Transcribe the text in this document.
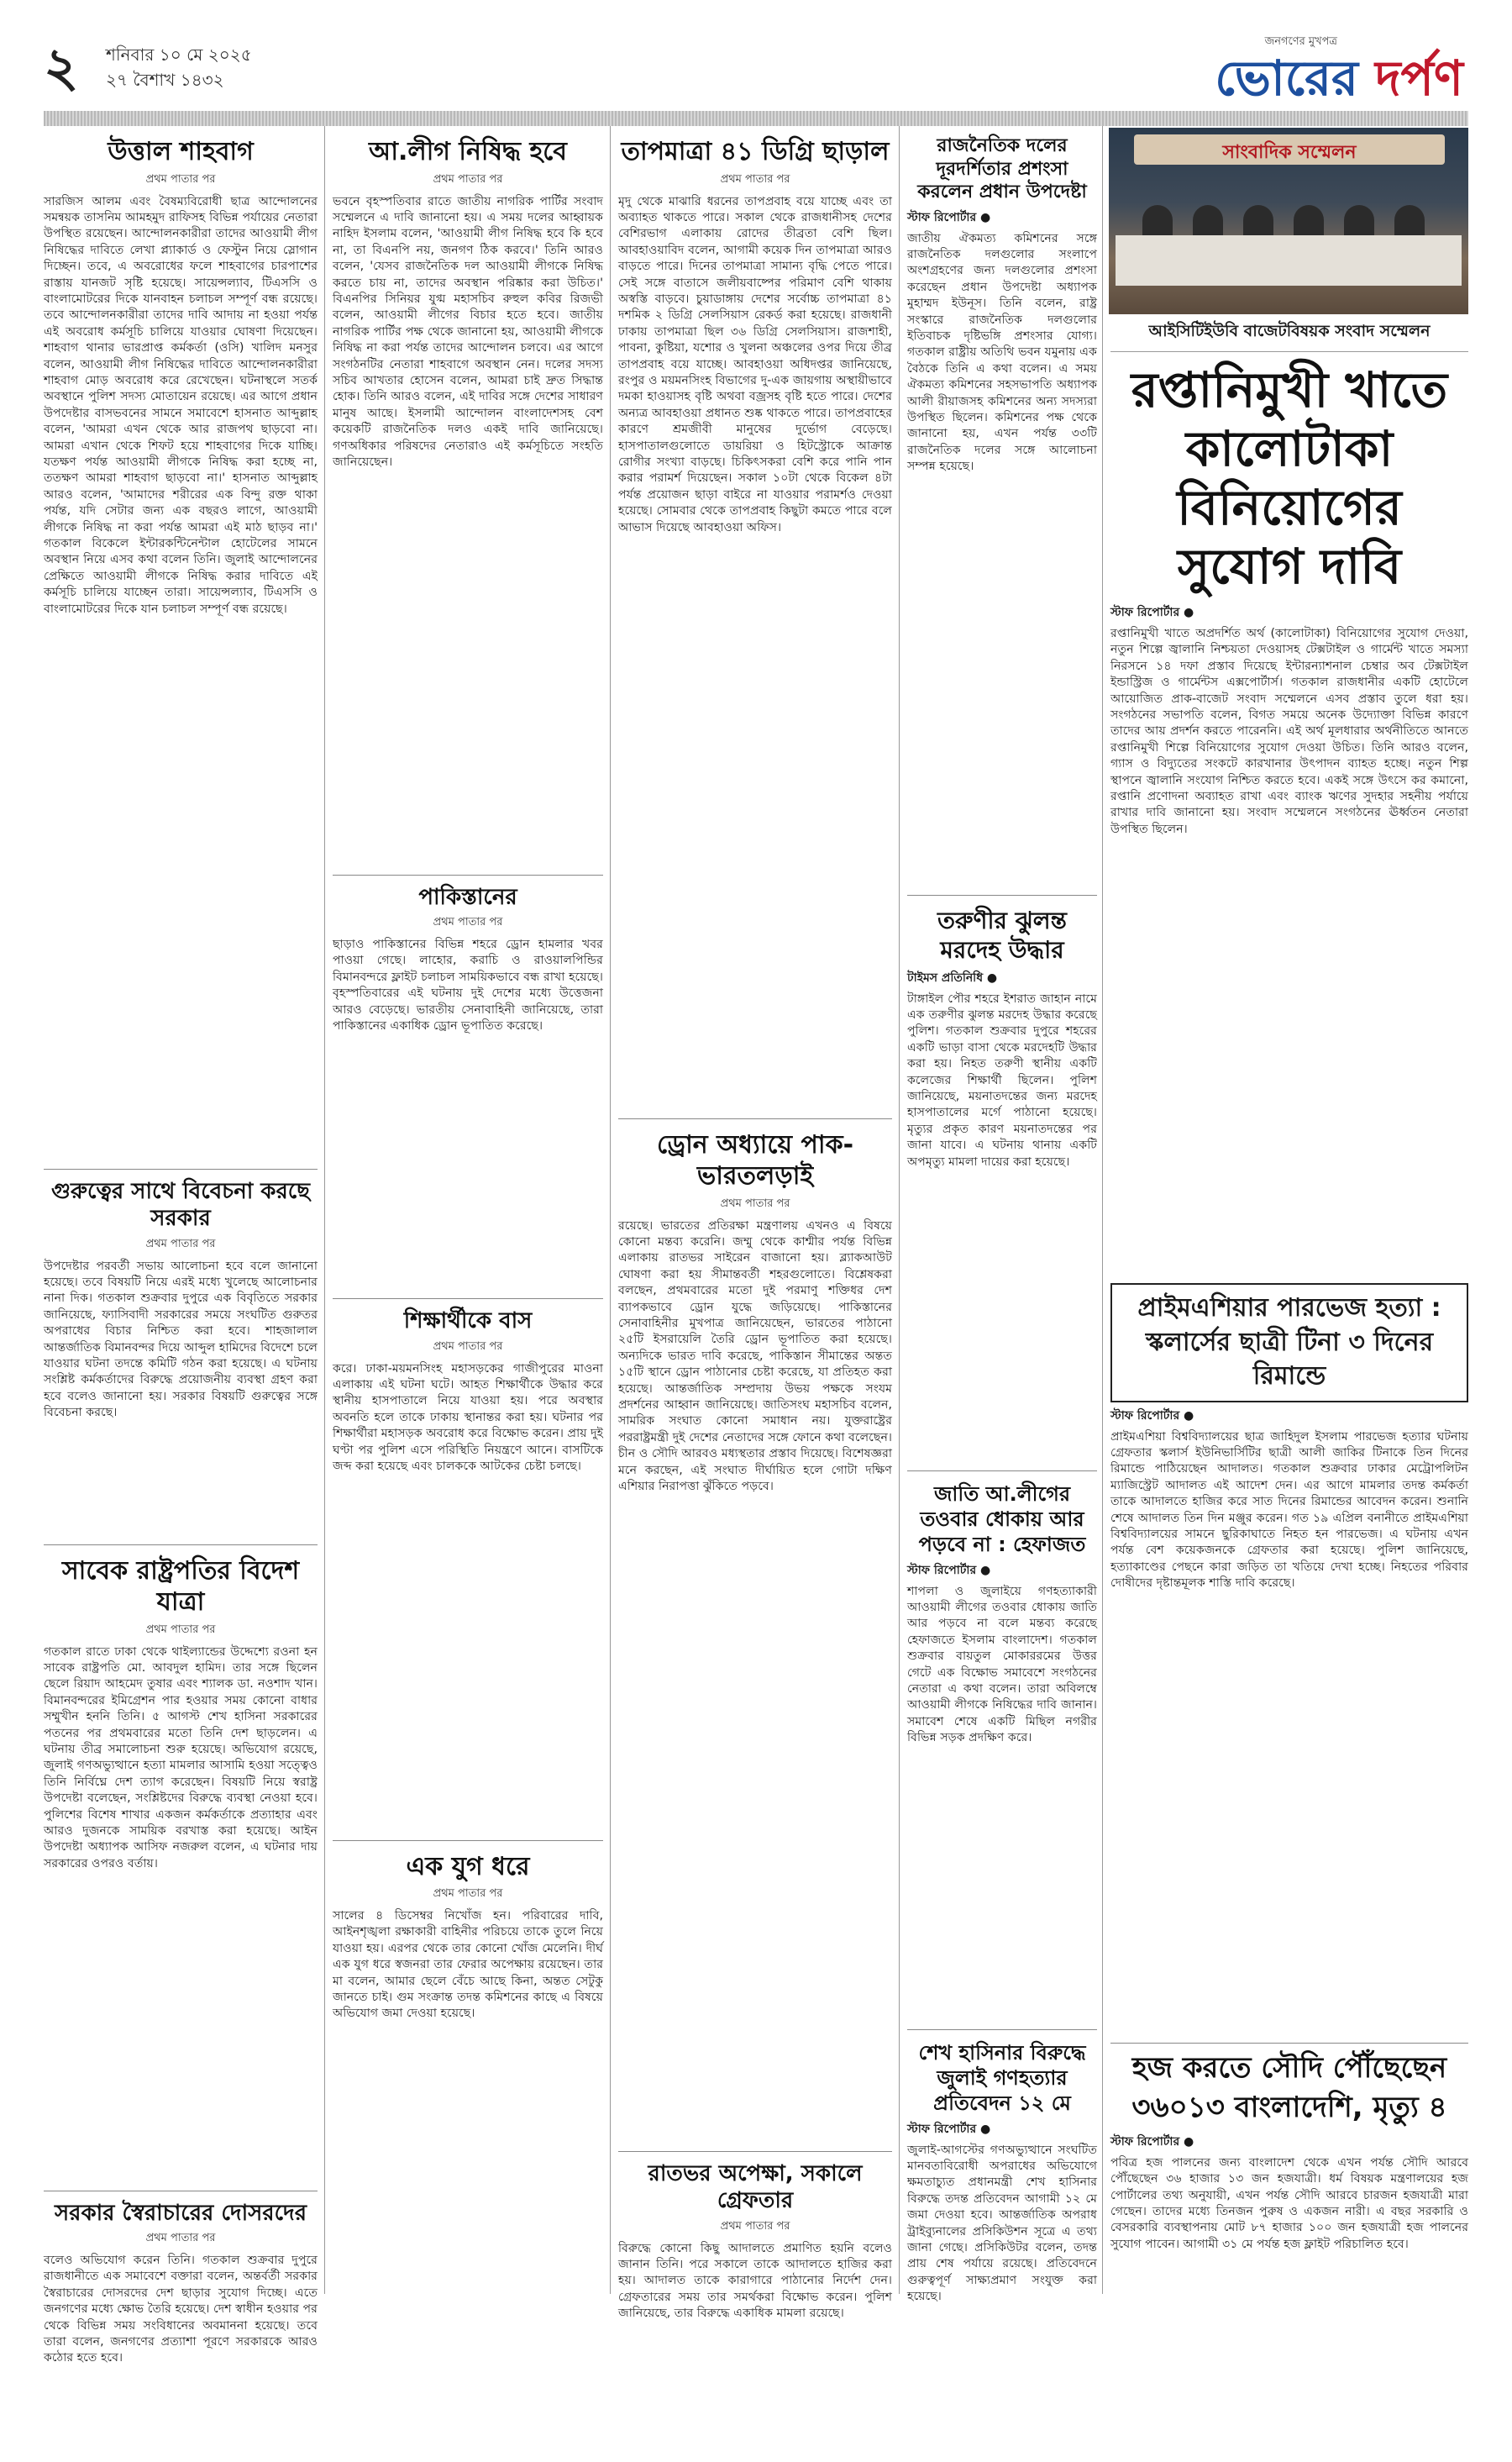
২ শনিবার ১০ মে ২০২৫
২৭ বৈশাখ ১৪৩২
জনগণের মুখপত্র
ভোরের দর্পণ
উত্তাল শাহবাগ
প্রথম পাতার পর
সারজিস আলম এবং বৈষম্যবিরোধী ছাত্র আন্দোলনের সমন্বয়ক তাসনিম আমহমুদ রাফিসহ বিভিন্ন পর্যায়ের নেতারা উপস্থিত রয়েছেন। আন্দোলনকারীরা তাদের আওয়ামী লীগ নিষিদ্ধের দাবিতে লেখা প্ল্যাকার্ড ও ফেস্টুন নিয়ে স্লোগান দিচ্ছেন। তবে, এ অবরোধের ফলে শাহবাগের চারপাশের রাস্তায় যানজট সৃষ্টি হয়েছে। সায়েন্সল্যাব, টিএসসি ও বাংলামোটরের দিকে যানবাহন চলাচল সম্পূর্ণ বন্ধ রয়েছে। তবে আন্দোলনকারীরা তাদের দাবি আদায় না হওয়া পর্যন্ত এই অবরোধ কর্মসূচি চালিয়ে যাওয়ার ঘোষণা দিয়েছেন। শাহবাগ থানার ভারপ্রাপ্ত কর্মকর্তা (ওসি) খালিদ মনসুর বলেন, আওয়ামী লীগ নিষিদ্ধের দাবিতে আন্দোলনকারীরা শাহবাগ মোড় অবরোধ করে রেখেছেন। ঘটনাস্থলে সতর্ক অবস্থানে পুলিশ সদস্য মোতায়েন রয়েছে। এর আগে প্রধান উপদেষ্টার বাসভবনের সামনে সমাবেশে হাসনাত আব্দুল্লাহ বলেন, 'আমরা এখন থেকে আর রাজপথ ছাড়বো না। আমরা এখান থেকে শিফট হয়ে শাহবাগের দিকে যাচ্ছি। যতক্ষণ পর্যন্ত আওয়ামী লীগকে নিষিদ্ধ করা হচ্ছে না, ততক্ষণ আমরা শাহবাগ ছাড়বো না।' হাসনাত আব্দুল্লাহ আরও বলেন, 'আমাদের শরীরের এক বিন্দু রক্ত থাকা পর্যন্ত, যদি সেটার জন্য এক বছরও লাগে, আওয়ামী লীগকে নিষিদ্ধ না করা পর্যন্ত আমরা এই মাঠ ছাড়ব না।' গতকাল বিকেলে ইন্টারকন্টিনেন্টাল হোটেলের সামনে অবস্থান নিয়ে এসব কথা বলেন তিনি। জুলাই আন্দোলনের প্রেক্ষিতে আওয়ামী লীগকে নিষিদ্ধ করার দাবিতে এই কর্মসূচি চালিয়ে যাচ্ছেন তারা। সায়েন্সল্যাব, টিএসসি ও বাংলামোটরের দিকে যান চলাচল সম্পূর্ণ বন্ধ রয়েছে।
গুরুত্বের সাথে বিবেচনা করছে সরকার
প্রথম পাতার পর
উপদেষ্টার পরবর্তী সভায় আলোচনা হবে বলে জানানো হয়েছে। তবে বিষয়টি নিয়ে এরই মধ্যে খুলেছে আলোচনার নানা দিক। গতকাল শুক্রবার দুপুরে এক বিবৃতিতে সরকার জানিয়েছে, ফ্যাসিবাদী সরকারের সময়ে সংঘটিত গুরুতর অপরাধের বিচার নিশ্চিত করা হবে। শাহজালাল আন্তর্জাতিক বিমানবন্দর দিয়ে আব্দুল হামিদের বিদেশে চলে যাওয়ার ঘটনা তদন্তে কমিটি গঠন করা হয়েছে। এ ঘটনায় সংশ্লিষ্ট কর্মকর্তাদের বিরুদ্ধে প্রয়োজনীয় ব্যবস্থা গ্রহণ করা হবে বলেও জানানো হয়। সরকার বিষয়টি গুরুত্বের সঙ্গে বিবেচনা করছে।
সাবেক রাষ্ট্রপতির বিদেশ যাত্রা
প্রথম পাতার পর
গতকাল রাতে ঢাকা থেকে থাইল্যান্ডের উদ্দেশ্যে রওনা হন সাবেক রাষ্ট্রপতি মো. আবদুল হামিদ। তার সঙ্গে ছিলেন ছেলে রিয়াদ আহমেদ তুষার এবং শ্যালক ডা. নওশাদ খান। বিমানবন্দরের ইমিগ্রেশন পার হওয়ার সময় কোনো বাধার সম্মুখীন হননি তিনি। ৫ আগস্ট শেখ হাসিনা সরকারের পতনের পর প্রথমবারের মতো তিনি দেশ ছাড়লেন। এ ঘটনায় তীব্র সমালোচনা শুরু হয়েছে। অভিযোগ রয়েছে, জুলাই গণঅভ্যুত্থানে হত্যা মামলার আসামি হওয়া সত্ত্বেও তিনি নির্বিঘ্নে দেশ ত্যাগ করেছেন। বিষয়টি নিয়ে স্বরাষ্ট্র উপদেষ্টা বলেছেন, সংশ্লিষ্টদের বিরুদ্ধে ব্যবস্থা নেওয়া হবে। পুলিশের বিশেষ শাখার একজন কর্মকর্তাকে প্রত্যাহার এবং আরও দুজনকে সাময়িক বরখাস্ত করা হয়েছে। আইন উপদেষ্টা অধ্যাপক আসিফ নজরুল বলেন, এ ঘটনার দায় সরকারের ওপরও বর্তায়।
সরকার স্বৈরাচারের দোসরদের
প্রথম পাতার পর
বলেও অভিযোগ করেন তিনি। গতকাল শুক্রবার দুপুরে রাজধানীতে এক সমাবেশে বক্তারা বলেন, অন্তর্বর্তী সরকার স্বৈরাচারের দোসরদের দেশ ছাড়ার সুযোগ দিচ্ছে। এতে জনগণের মধ্যে ক্ষোভ তৈরি হয়েছে। দেশ স্বাধীন হওয়ার পর থেকে বিভিন্ন সময় সংবিধানের অবমাননা হয়েছে। তবে তারা বলেন, জনগণের প্রত্যাশা পূরণে সরকারকে আরও কঠোর হতে হবে।
আ.লীগ নিষিদ্ধ হবে
প্রথম পাতার পর
ভবনে বৃহস্পতিবার রাতে জাতীয় নাগরিক পার্টির সংবাদ সম্মেলনে এ দাবি জানানো হয়। এ সময় দলের আহ্বায়ক নাহিদ ইসলাম বলেন, 'আওয়ামী লীগ নিষিদ্ধ হবে কি হবে না, তা বিএনপি নয়, জনগণ ঠিক করবে।' তিনি আরও বলেন, 'যেসব রাজনৈতিক দল আওয়ামী লীগকে নিষিদ্ধ করতে চায় না, তাদের অবস্থান পরিষ্কার করা উচিত।' বিএনপির সিনিয়র যুগ্ম মহাসচিব রুহুল কবির রিজভী বলেন, আওয়ামী লীগের বিচার হতে হবে। জাতীয় নাগরিক পার্টির পক্ষ থেকে জানানো হয়, আওয়ামী লীগকে নিষিদ্ধ না করা পর্যন্ত তাদের আন্দোলন চলবে। এর আগে সংগঠনটির নেতারা শাহবাগে অবস্থান নেন। দলের সদস্য সচিব আখতার হোসেন বলেন, আমরা চাই দ্রুত সিদ্ধান্ত হোক। তিনি আরও বলেন, এই দাবির সঙ্গে দেশের সাধারণ মানুষ আছে। ইসলামী আন্দোলন বাংলাদেশসহ বেশ কয়েকটি রাজনৈতিক দলও একই দাবি জানিয়েছে। গণঅধিকার পরিষদের নেতারাও এই কর্মসূচিতে সংহতি জানিয়েছেন।
পাকিস্তানের
প্রথম পাতার পর
ছাড়াও পাকিস্তানের বিভিন্ন শহরে ড্রোন হামলার খবর পাওয়া গেছে। লাহোর, করাচি ও রাওয়ালপিন্ডির বিমানবন্দরে ফ্লাইট চলাচল সাময়িকভাবে বন্ধ রাখা হয়েছে। বৃহস্পতিবারের এই ঘটনায় দুই দেশের মধ্যে উত্তেজনা আরও বেড়েছে। ভারতীয় সেনাবাহিনী জানিয়েছে, তারা পাকিস্তানের একাধিক ড্রোন ভূপাতিত করেছে।
শিক্ষার্থীকে বাস
প্রথম পাতার পর
করে। ঢাকা-ময়মনসিংহ মহাসড়কের গাজীপুরের মাওনা এলাকায় এই ঘটনা ঘটে। আহত শিক্ষার্থীকে উদ্ধার করে স্থানীয় হাসপাতালে নিয়ে যাওয়া হয়। পরে অবস্থার অবনতি হলে তাকে ঢাকায় স্থানান্তর করা হয়। ঘটনার পর শিক্ষার্থীরা মহাসড়ক অবরোধ করে বিক্ষোভ করেন। প্রায় দুই ঘণ্টা পর পুলিশ এসে পরিস্থিতি নিয়ন্ত্রণে আনে। বাসটিকে জব্দ করা হয়েছে এবং চালককে আটকের চেষ্টা চলছে।
এক যুগ ধরে
প্রথম পাতার পর
সালের ৪ ডিসেম্বর নিখোঁজ হন। পরিবারের দাবি, আইনশৃঙ্খলা রক্ষাকারী বাহিনীর পরিচয়ে তাকে তুলে নিয়ে যাওয়া হয়। এরপর থেকে তার কোনো খোঁজ মেলেনি। দীর্ঘ এক যুগ ধরে স্বজনরা তার ফেরার অপেক্ষায় রয়েছেন। তার মা বলেন, আমার ছেলে বেঁচে আছে কিনা, অন্তত সেটুকু জানতে চাই। গুম সংক্রান্ত তদন্ত কমিশনের কাছে এ বিষয়ে অভিযোগ জমা দেওয়া হয়েছে।
তাপমাত্রা ৪১ ডিগ্রি ছাড়াল
প্রথম পাতার পর
মৃদু থেকে মাঝারি ধরনের তাপপ্রবাহ বয়ে যাচ্ছে এবং তা অব্যাহত থাকতে পারে। সকাল থেকে রাজধানীসহ দেশের বেশিরভাগ এলাকায় রোদের তীব্রতা বেশি ছিল। আবহাওয়াবিদ বলেন, আগামী কয়েক দিন তাপমাত্রা আরও বাড়তে পারে। দিনের তাপমাত্রা সামান্য বৃদ্ধি পেতে পারে। সেই সঙ্গে বাতাসে জলীয়বাষ্পের পরিমাণ বেশি থাকায় অস্বস্তি বাড়বে। চুয়াডাঙ্গায় দেশের সর্বোচ্চ তাপমাত্রা ৪১ দশমিক ২ ডিগ্রি সেলসিয়াস রেকর্ড করা হয়েছে। রাজধানী ঢাকায় তাপমাত্রা ছিল ৩৬ ডিগ্রি সেলসিয়াস। রাজশাহী, পাবনা, কুষ্টিয়া, যশোর ও খুলনা অঞ্চলের ওপর দিয়ে তীব্র তাপপ্রবাহ বয়ে যাচ্ছে। আবহাওয়া অধিদপ্তর জানিয়েছে, রংপুর ও ময়মনসিংহ বিভাগের দু-এক জায়গায় অস্থায়ীভাবে দমকা হাওয়াসহ বৃষ্টি অথবা বজ্রসহ বৃষ্টি হতে পারে। দেশের অন্যত্র আবহাওয়া প্রধানত শুষ্ক থাকতে পারে। তাপপ্রবাহের কারণে শ্রমজীবী মানুষের দুর্ভোগ বেড়েছে। হাসপাতালগুলোতে ডায়রিয়া ও হিটস্ট্রোকে আক্রান্ত রোগীর সংখ্যা বাড়ছে। চিকিৎসকরা বেশি করে পানি পান করার পরামর্শ দিয়েছেন। সকাল ১০টা থেকে বিকেল ৪টা পর্যন্ত প্রয়োজন ছাড়া বাইরে না যাওয়ার পরামর্শও দেওয়া হয়েছে। সোমবার থেকে তাপপ্রবাহ কিছুটা কমতে পারে বলে আভাস দিয়েছে আবহাওয়া অফিস।
ড্রোন অধ্যায়ে পাক-ভারতলড়াই
প্রথম পাতার পর
রয়েছে। ভারতের প্রতিরক্ষা মন্ত্রণালয় এখনও এ বিষয়ে কোনো মন্তব্য করেনি। জম্মু থেকে কাশ্মীর পর্যন্ত বিভিন্ন এলাকায় রাতভর সাইরেন বাজানো হয়। ব্ল্যাকআউট ঘোষণা করা হয় সীমান্তবর্তী শহরগুলোতে। বিশ্লেষকরা বলছেন, প্রথমবারের মতো দুই পরমাণু শক্তিধর দেশ ব্যাপকভাবে ড্রোন যুদ্ধে জড়িয়েছে। পাকিস্তানের সেনাবাহিনীর মুখপাত্র জানিয়েছেন, ভারতের পাঠানো ২৫টি ইসরায়েলি তৈরি ড্রোন ভূপাতিত করা হয়েছে। অন্যদিকে ভারত দাবি করেছে, পাকিস্তান সীমান্তের অন্তত ১৫টি স্থানে ড্রোন পাঠানোর চেষ্টা করেছে, যা প্রতিহত করা হয়েছে। আন্তর্জাতিক সম্প্রদায় উভয় পক্ষকে সংযম প্রদর্শনের আহ্বান জানিয়েছে। জাতিসংঘ মহাসচিব বলেন, সামরিক সংঘাত কোনো সমাধান নয়। যুক্তরাষ্ট্রের পররাষ্ট্রমন্ত্রী দুই দেশের নেতাদের সঙ্গে ফোনে কথা বলেছেন। চীন ও সৌদি আরবও মধ্যস্থতার প্রস্তাব দিয়েছে। বিশেষজ্ঞরা মনে করছেন, এই সংঘাত দীর্ঘায়িত হলে গোটা দক্ষিণ এশিয়ার নিরাপত্তা ঝুঁকিতে পড়বে।
রাতভর অপেক্ষা, সকালে গ্রেফতার
প্রথম পাতার পর
বিরুদ্ধে কোনো কিছু আদালতে প্রমাণিত হয়নি বলেও জানান তিনি। পরে সকালে তাকে আদালতে হাজির করা হয়। আদালত তাকে কারাগারে পাঠানোর নির্দেশ দেন। গ্রেফতারের সময় তার সমর্থকরা বিক্ষোভ করেন। পুলিশ জানিয়েছে, তার বিরুদ্ধে একাধিক মামলা রয়েছে।
রাজনৈতিক দলের দূরদর্শিতার প্রশংসা করলেন প্রধান উপদেষ্টা
স্টাফ রিপোর্টার ●
জাতীয় ঐকমত্য কমিশনের সঙ্গে রাজনৈতিক দলগুলোর সংলাপে অংশগ্রহণের জন্য দলগুলোর প্রশংসা করেছেন প্রধান উপদেষ্টা অধ্যাপক মুহাম্মদ ইউনূস। তিনি বলেন, রাষ্ট্র সংস্কারে রাজনৈতিক দলগুলোর ইতিবাচক দৃষ্টিভঙ্গি প্রশংসার যোগ্য। গতকাল রাষ্ট্রীয় অতিথি ভবন যমুনায় এক বৈঠকে তিনি এ কথা বলেন। এ সময় ঐকমত্য কমিশনের সহসভাপতি অধ্যাপক আলী রীয়াজসহ কমিশনের অন্য সদস্যরা উপস্থিত ছিলেন। কমিশনের পক্ষ থেকে জানানো হয়, এখন পর্যন্ত ৩৩টি রাজনৈতিক দলের সঙ্গে আলোচনা সম্পন্ন হয়েছে।
তরুণীর ঝুলন্ত মরদেহ উদ্ধার
টাইমস প্রতিনিধি ●
টাঙ্গাইল পৌর শহরে ইশরাত জাহান নামে এক তরুণীর ঝুলন্ত মরদেহ উদ্ধার করেছে পুলিশ। গতকাল শুক্রবার দুপুরে শহরের একটি ভাড়া বাসা থেকে মরদেহটি উদ্ধার করা হয়। নিহত তরুণী স্থানীয় একটি কলেজের শিক্ষার্থী ছিলেন। পুলিশ জানিয়েছে, ময়নাতদন্তের জন্য মরদেহ হাসপাতালের মর্গে পাঠানো হয়েছে। মৃত্যুর প্রকৃত কারণ ময়নাতদন্তের পর জানা যাবে। এ ঘটনায় থানায় একটি অপমৃত্যু মামলা দায়ের করা হয়েছে।
জাতি আ.লীগের তওবার ধোকায় আর পড়বে না : হেফাজত
স্টাফ রিপোর্টার ●
শাপলা ও জুলাইয়ে গণহত্যাকারী আওয়ামী লীগের তওবার ধোকায় জাতি আর পড়বে না বলে মন্তব্য করেছে হেফাজতে ইসলাম বাংলাদেশ। গতকাল শুক্রবার বায়তুল মোকাররমের উত্তর গেটে এক বিক্ষোভ সমাবেশে সংগঠনের নেতারা এ কথা বলেন। তারা অবিলম্বে আওয়ামী লীগকে নিষিদ্ধের দাবি জানান। সমাবেশ শেষে একটি মিছিল নগরীর বিভিন্ন সড়ক প্রদক্ষিণ করে।
শেখ হাসিনার বিরুদ্ধে জুলাই গণহত্যার প্রতিবেদন ১২ মে
স্টাফ রিপোর্টার ●
জুলাই-আগস্টের গণঅভ্যুত্থানে সংঘটিত মানবতাবিরোধী অপরাধের অভিযোগে ক্ষমতাচ্যুত প্রধানমন্ত্রী শেখ হাসিনার বিরুদ্ধে তদন্ত প্রতিবেদন আগামী ১২ মে জমা দেওয়া হবে। আন্তর্জাতিক অপরাধ ট্রাইব্যুনালের প্রসিকিউশন সূত্রে এ তথ্য জানা গেছে। প্রসিকিউটর বলেন, তদন্ত প্রায় শেষ পর্যায়ে রয়েছে। প্রতিবেদনে গুরুত্বপূর্ণ সাক্ষ্যপ্রমাণ সংযুক্ত করা হয়েছে।
সাংবাদিক সম্মেলন
আইসিটিইউবি বাজেটবিষয়ক সংবাদ সম্মেলন
রপ্তানিমুখী খাতে কালোটাকা বিনিয়োগের সুযোগ দাবি
স্টাফ রিপোর্টার ●
রপ্তানিমুখী খাতে অপ্রদর্শিত অর্থ (কালোটাকা) বিনিয়োগের সুযোগ দেওয়া, নতুন শিল্পে জ্বালানি নিশ্চয়তা দেওয়াসহ টেক্সটাইল ও গার্মেন্ট খাতে সমস্যা নিরসনে ১৪ দফা প্রস্তাব দিয়েছে ইন্টারন্যাশনাল চেম্বার অব টেক্সটাইল ইন্ডাস্ট্রিজ ও গার্মেন্টস এক্সপোর্টার্স। গতকাল রাজধানীর একটি হোটেলে আয়োজিত প্রাক-বাজেট সংবাদ সম্মেলনে এসব প্রস্তাব তুলে ধরা হয়। সংগঠনের সভাপতি বলেন, বিগত সময়ে অনেক উদ্যোক্তা বিভিন্ন কারণে তাদের আয় প্রদর্শন করতে পারেননি। এই অর্থ মূলধারার অর্থনীতিতে আনতে রপ্তানিমুখী শিল্পে বিনিয়োগের সুযোগ দেওয়া উচিত। তিনি আরও বলেন, গ্যাস ও বিদ্যুতের সংকটে কারখানার উৎপাদন ব্যাহত হচ্ছে। নতুন শিল্প স্থাপনে জ্বালানি সংযোগ নিশ্চিত করতে হবে। একই সঙ্গে উৎসে কর কমানো, রপ্তানি প্রণোদনা অব্যাহত রাখা এবং ব্যাংক ঋণের সুদহার সহনীয় পর্যায়ে রাখার দাবি জানানো হয়। সংবাদ সম্মেলনে সংগঠনের ঊর্ধ্বতন নেতারা উপস্থিত ছিলেন।
প্রাইমএশিয়ার পারভেজ হত্যা : স্কলার্সের ছাত্রী টিনা ৩ দিনের রিমান্ডে
স্টাফ রিপোর্টার ●
প্রাইমএশিয়া বিশ্ববিদ্যালয়ের ছাত্র জাহিদুল ইসলাম পারভেজ হত্যার ঘটনায় গ্রেফতার স্কলার্স ইউনিভার্সিটির ছাত্রী আলী জাকির টিনাকে তিন দিনের রিমান্ডে পাঠিয়েছেন আদালত। গতকাল শুক্রবার ঢাকার মেট্রোপলিটন ম্যাজিস্ট্রেট আদালত এই আদেশ দেন। এর আগে মামলার তদন্ত কর্মকর্তা তাকে আদালতে হাজির করে সাত দিনের রিমান্ডের আবেদন করেন। শুনানি শেষে আদালত তিন দিন মঞ্জুর করেন। গত ১৯ এপ্রিল বনানীতে প্রাইমএশিয়া বিশ্ববিদ্যালয়ের সামনে ছুরিকাঘাতে নিহত হন পারভেজ। এ ঘটনায় এখন পর্যন্ত বেশ কয়েকজনকে গ্রেফতার করা হয়েছে। পুলিশ জানিয়েছে, হত্যাকাণ্ডের পেছনে কারা জড়িত তা খতিয়ে দেখা হচ্ছে। নিহতের পরিবার দোষীদের দৃষ্টান্তমূলক শাস্তি দাবি করেছে।
হজ করতে সৌদি পৌঁছেছেন ৩৬০১৩ বাংলাদেশি, মৃত্যু ৪
স্টাফ রিপোর্টার ●
পবিত্র হজ পালনের জন্য বাংলাদেশ থেকে এখন পর্যন্ত সৌদি আরবে পৌঁছেছেন ৩৬ হাজার ১৩ জন হজযাত্রী। ধর্ম বিষয়ক মন্ত্রণালয়ের হজ পোর্টালের তথ্য অনুযায়ী, এখন পর্যন্ত সৌদি আরবে চারজন হজযাত্রী মারা গেছেন। তাদের মধ্যে তিনজন পুরুষ ও একজন নারী। এ বছর সরকারি ও বেসরকারি ব্যবস্থাপনায় মোট ৮৭ হাজার ১০০ জন হজযাত্রী হজ পালনের সুযোগ পাবেন। আগামী ৩১ মে পর্যন্ত হজ ফ্লাইট পরিচালিত হবে।
